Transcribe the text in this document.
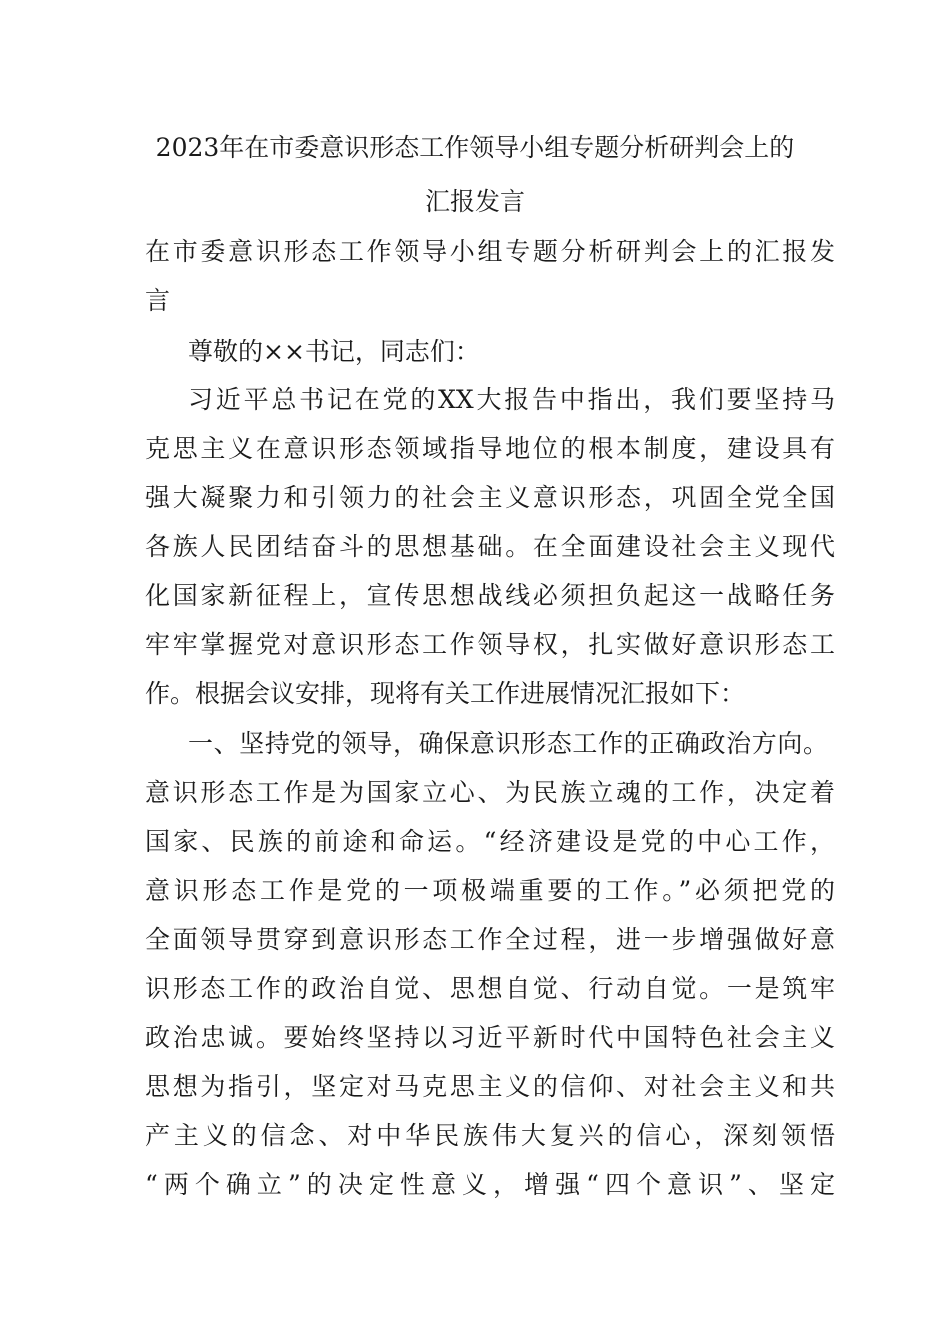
2023年在市委意识形态工作领导小组专题分析研判会上的
汇报发言
在市委意识形态工作领导小组专题分析研判会上的汇报发
言
尊敬的××书记，同志们：
习近平总书记在党的XX大报告中指出，我们要坚持马
克思主义在意识形态领域指导地位的根本制度，建设具有
强大凝聚力和引领力的社会主义意识形态，巩固全党全国
各族人民团结奋斗的思想基础。在全面建设社会主义现代
化国家新征程上，宣传思想战线必须担负起这一战略任务
牢牢掌握党对意识形态工作领导权，扎实做好意识形态工
作。根据会议安排，现将有关工作进展情况汇报如下：
一、坚持党的领导，确保意识形态工作的正确政治方向。
意识形态工作是为国家立心、为民族立魂的工作，决定着
国家、民族的前途和命运。“经济建设是党的中心工作，
意识形态工作是党的一项极端重要的工作。”必须把党的
全面领导贯穿到意识形态工作全过程，进一步增强做好意
识形态工作的政治自觉、思想自觉、行动自觉。一是筑牢
政治忠诚。要始终坚持以习近平新时代中国特色社会主义
思想为指引，坚定对马克思主义的信仰、对社会主义和共
产主义的信念、对中华民族伟大复兴的信心，深刻领悟
“两个确立”的决定性意义，增强“四个意识”、坚定
